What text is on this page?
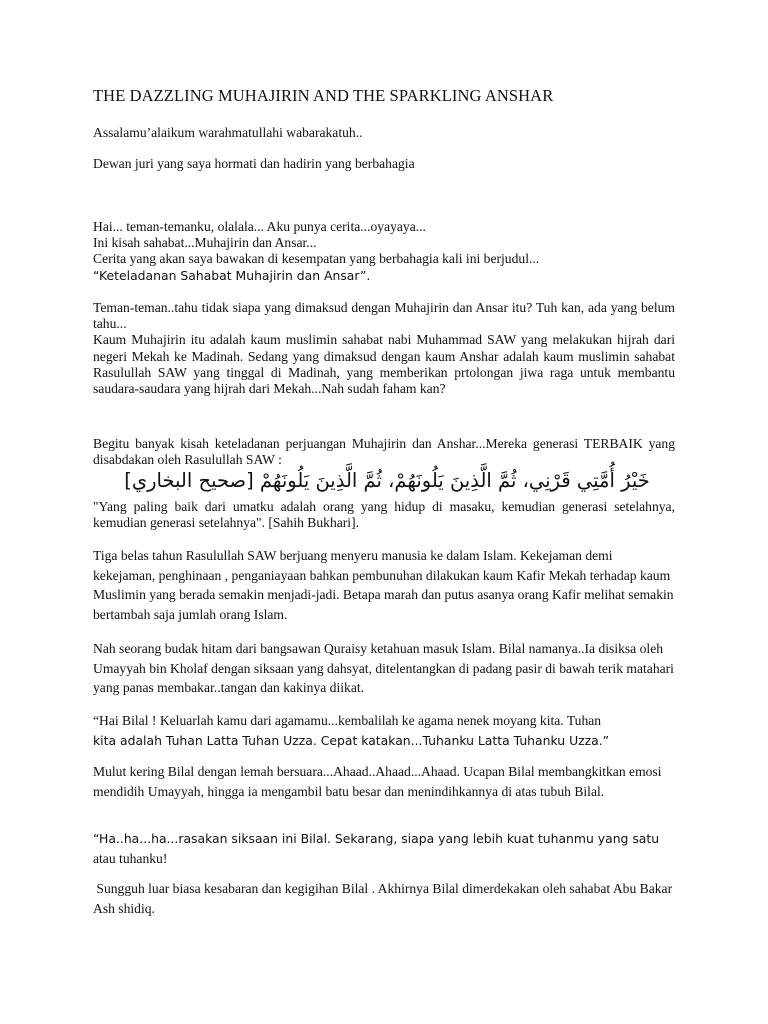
THE DAZZLING MUHAJIRIN AND THE SPARKLING ANSHAR

Assalamu’alaikum warahmatullahi wabarakatuh..

Dewan juri yang saya hormati dan hadirin yang berbahagia

Hai... teman-temanku, olalala... Aku punya cerita...oyayaya...
Ini kisah sahabat...Muhajirin dan Ansar...
Cerita yang akan saya bawakan di kesempatan yang berbahagia kali ini berjudul...
“Keteladanan Sahabat Muhajirin dan Ansar”.
Teman-teman..tahu tidak siapa yang dimaksud dengan Muhajirin dan Ansar itu? Tuh kan, ada yang belum tahu...
Kaum Muhajirin itu adalah kaum muslimin sahabat nabi Muhammad SAW yang melakukan hijrah dari negeri Mekah ke Madinah. Sedang yang dimaksud dengan kaum Anshar adalah kaum muslimin sahabat Rasulullah SAW yang tinggal di Madinah, yang memberikan prtolongan jiwa raga untuk membantu saudara-saudara yang hijrah dari Mekah...Nah sudah faham kan?

Begitu banyak kisah keteladanan perjuangan Muhajirin dan Anshar...Mereka generasi TERBAIK yang disabdakan oleh Rasulullah SAW :

خَيْرُ أُمَّتِي قَرْنِي، ثُمَّ الَّذِينَ يَلُونَهُمْ، ثُمَّ الَّذِينَ يَلُونَهُمْ [صحيح البخاري]

"Yang paling baik dari umatku adalah orang yang hidup di masaku, kemudian generasi setelahnya, kemudian generasi setelahnya". [Sahih Bukhari].

Tiga belas tahun Rasulullah SAW berjuang menyeru manusia ke dalam Islam. Kekejaman demi kekejaman, penghinaan , penganiayaan bahkan pembunuhan dilakukan kaum Kafir Mekah terhadap kaum Muslimin yang berada semakin menjadi-jadi. Betapa marah dan putus asanya orang Kafir melihat semakin bertambah saja jumlah orang Islam.

Nah seorang budak hitam dari bangsawan Quraisy ketahuan masuk Islam. Bilal namanya..Ia disiksa oleh Umayyah bin Kholaf dengan siksaan yang dahsyat, ditelentangkan di padang pasir di bawah terik matahari yang panas membakar..tangan dan kakinya diikat.

“Hai Bilal ! Keluarlah kamu dari agamamu...kembalilah ke agama nenek moyang kita. Tuhan
kita adalah Tuhan Latta Tuhan Uzza. Cepat katakan...Tuhanku Latta Tuhanku Uzza.”

Mulut kering Bilal dengan lemah bersuara...Ahaad..Ahaad...Ahaad. Ucapan Bilal membangkitkan emosi mendidih Umayyah, hingga ia mengambil batu besar dan menindihkannya di atas tubuh Bilal.

“Ha..ha...ha...rasakan siksaan ini Bilal. Sekarang, siapa yang lebih kuat tuhanmu yang satu
atau tuhanku!

Sungguh luar biasa kesabaran dan kegigihan Bilal . Akhirnya Bilal dimerdekakan oleh sahabat Abu Bakar Ash shidiq.
